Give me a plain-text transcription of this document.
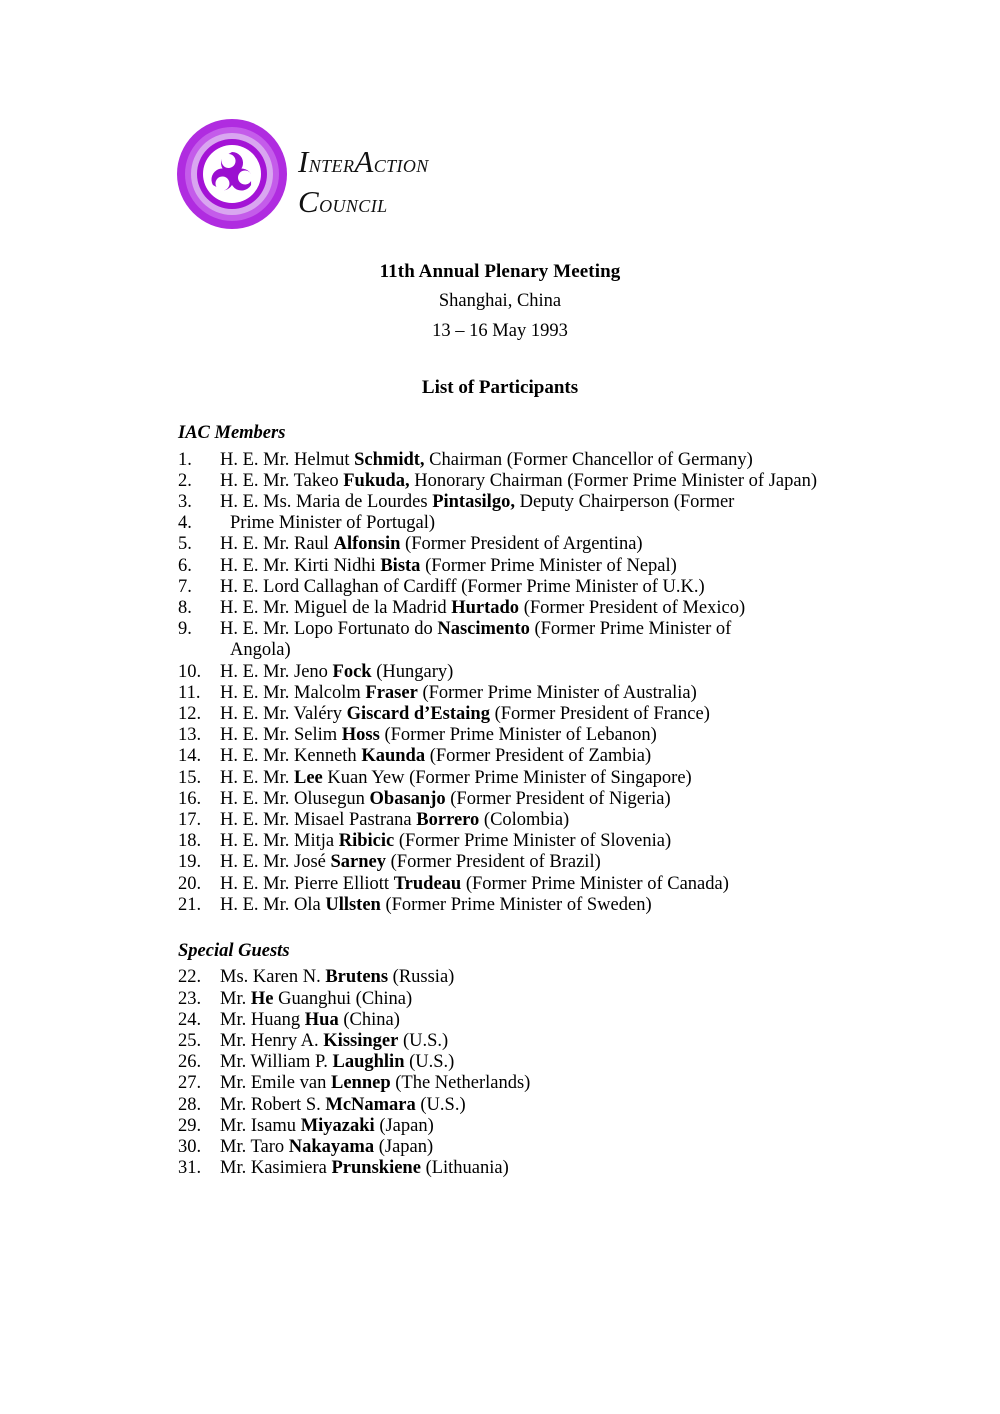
InterAction
Council
11th Annual Plenary Meeting
Shanghai, China
13 – 16 May 1993
List of Participants
IAC Members
1.	H. E. Mr. Helmut Schmidt, Chairman (Former Chancellor of Germany)
2.	H. E. Mr. Takeo Fukuda, Honorary Chairman (Former Prime Minister of Japan)
3.	H. E. Ms. Maria de Lourdes Pintasilgo, Deputy Chairperson (Former
4.	Prime Minister of Portugal)
5.	H. E. Mr. Raul Alfonsin (Former President of Argentina)
6.	H. E. Mr. Kirti Nidhi Bista (Former Prime Minister of Nepal)
7.	H. E. Lord Callaghan of Cardiff (Former Prime Minister of U.K.)
8.	H. E. Mr. Miguel de la Madrid Hurtado (Former President of Mexico)
9.	H. E. Mr. Lopo Fortunato do Nascimento (Former Prime Minister of
Angola)
10.	H. E. Mr. Jeno Fock (Hungary)
11.	H. E. Mr. Malcolm Fraser (Former Prime Minister of Australia)
12.	H. E. Mr. Valéry Giscard d’Estaing (Former President of France)
13.	H. E. Mr. Selim Hoss (Former Prime Minister of Lebanon)
14.	H. E. Mr. Kenneth Kaunda (Former President of Zambia)
15.	H. E. Mr. Lee Kuan Yew (Former Prime Minister of Singapore)
16.	H. E. Mr. Olusegun Obasanjo (Former President of Nigeria)
17.	H. E. Mr. Misael Pastrana Borrero (Colombia)
18.	H. E. Mr. Mitja Ribicic (Former Prime Minister of Slovenia)
19.	H. E. Mr. José Sarney (Former President of Brazil)
20.	H. E. Mr. Pierre Elliott Trudeau (Former Prime Minister of Canada)
21.	H. E. Mr. Ola Ullsten (Former Prime Minister of Sweden)
Special Guests
22.	Ms. Karen N. Brutens (Russia)
23.	Mr. He Guanghui (China)
24.	Mr. Huang Hua (China)
25.	Mr. Henry A. Kissinger (U.S.)
26.	Mr. William P. Laughlin (U.S.)
27.	Mr. Emile van Lennep (The Netherlands)
28.	Mr. Robert S. McNamara (U.S.)
29.	Mr. Isamu Miyazaki (Japan)
30.	Mr. Taro Nakayama (Japan)
31.	Mr. Kasimiera Prunskiene (Lithuania)
